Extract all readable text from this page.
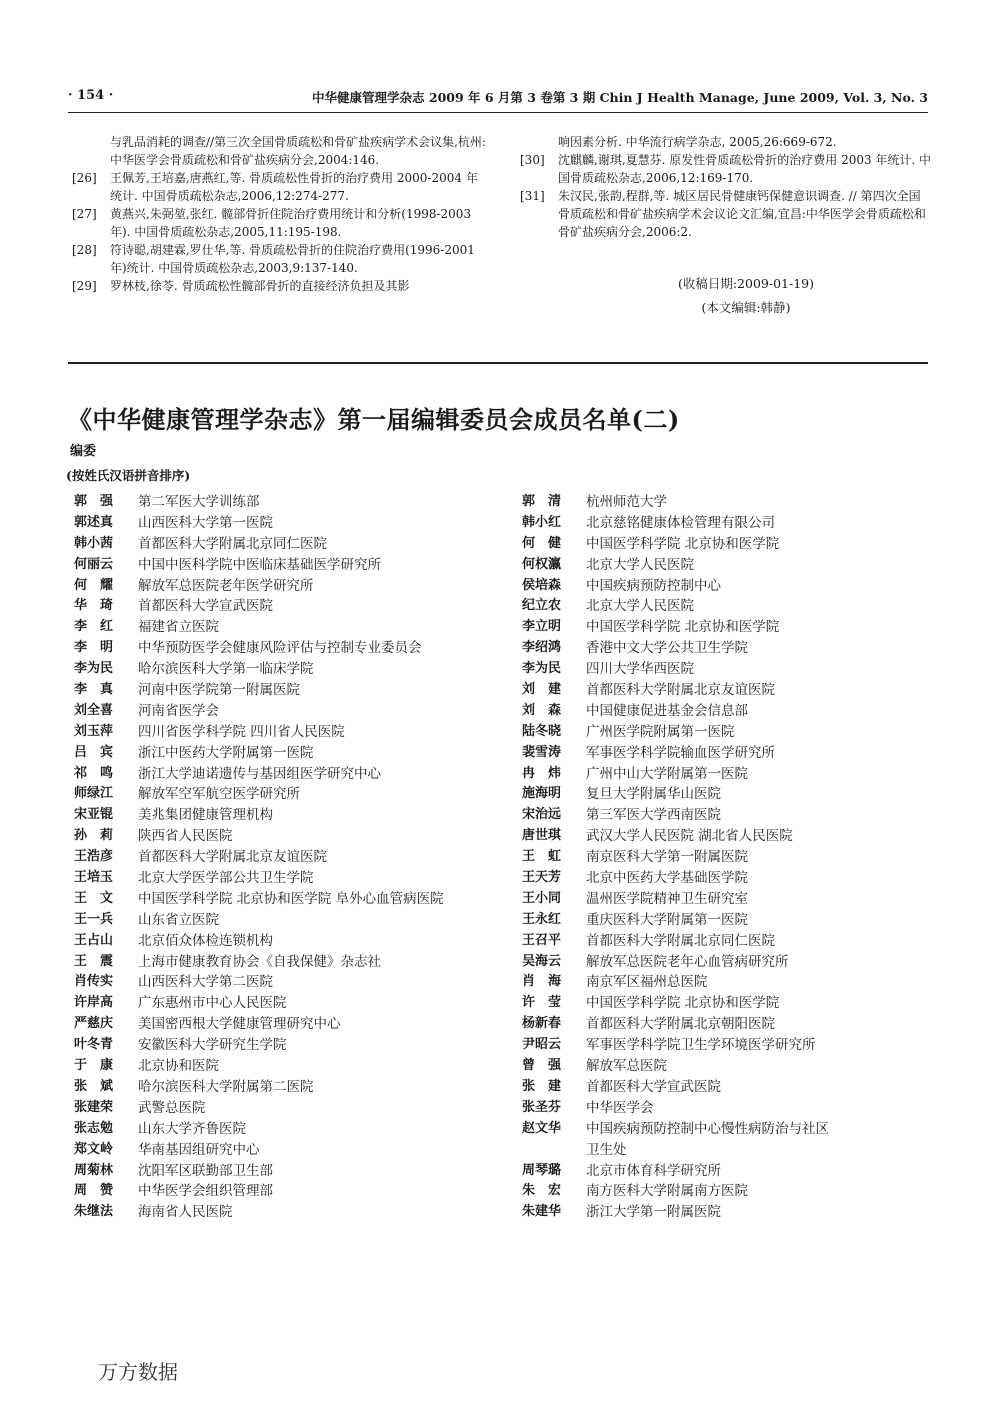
· 154 ·	中华健康管理学杂志 2009 年 6 月第 3 卷第 3 期 Chin J Health Manage, June 2009, Vol. 3, No. 3
与乳品消耗的调查//第三次全国骨质疏松和骨矿盐疾病学术会议集,杭州:中华医学会骨质疏松和骨矿盐疾病分会,2004:146.
[26]	王佩芳,王培嘉,唐燕红,等. 骨质疏松性骨折的治疗费用 2000-2004 年统计. 中国骨质疏松杂志,2006,12:274-277.
[27]	黄燕兴,朱弼堃,张红. 髋部骨折住院治疗费用统计和分析(1998-2003 年). 中国骨质疏松杂志,2005,11:195-198.
[28]	符诗聪,胡建霖,罗仕华,等. 骨质疏松骨折的住院治疗费用(1996-2001 年)统计. 中国骨质疏松杂志,2003,9:137-140.
[29]	罗林枝,徐苓. 骨质疏松性髋部骨折的直接经济负担及其影
响因素分析. 中华流行病学杂志, 2005,26:669-672.
[30]	沈麒麟,谢琪,夏慧芬. 原发性骨质疏松骨折的治疗费用 2003 年统计. 中国骨质疏松杂志,2006,12:169-170.
[31]	朱汉民,张韵,程群,等. 城区居民骨健康钙保健意识调查. // 第四次全国骨质疏松和骨矿盐疾病学术会议论文汇编,宜昌:中华医学会骨质疏松和骨矿盐疾病分会,2006:2.
(收稿日期:2009-01-19)
(本文编辑:韩静)
《中华健康管理学杂志》第一届编辑委员会成员名单(二)
编委
(按姓氏汉语拼音排序)
郭　强	第二军医大学训练部
郭述真	山西医科大学第一医院
韩小茜	首都医科大学附属北京同仁医院
何丽云	中国中医科学院中医临床基础医学研究所
何　耀	解放军总医院老年医学研究所
华　琦	首都医科大学宣武医院
李　红	福建省立医院
李　明	中华预防医学会健康风险评估与控制专业委员会
李为民	哈尔滨医科大学第一临床学院
李　真	河南中医学院第一附属医院
刘全喜	河南省医学会
刘玉萍	四川省医学科学院 四川省人民医院
吕　宾	浙江中医药大学附属第一医院
祁　鸣	浙江大学迪诺遗传与基因组医学研究中心
师绿江	解放军空军航空医学研究所
宋亚锟	美兆集团健康管理机构
孙　莉	陕西省人民医院
王浩彦	首都医科大学附属北京友谊医院
王培玉	北京大学医学部公共卫生学院
王　文	中国医学科学院 北京协和医学院 阜外心血管病医院
王一兵	山东省立医院
王占山	北京佰众体检连锁机构
王　震	上海市健康教育协会《自我保健》杂志社
肖传实	山西医科大学第二医院
许岸高	广东惠州市中心人民医院
严慈庆	美国密西根大学健康管理研究中心
叶冬青	安徽医科大学研究生学院
于　康	北京协和医院
张　斌	哈尔滨医科大学附属第二医院
张建荣	武警总医院
张志勉	山东大学齐鲁医院
郑文岭	华南基因组研究中心
周菊林	沈阳军区联勤部卫生部
周　赞	中华医学会组织管理部
朱继法	海南省人民医院
郭　清	杭州师范大学
韩小红	北京慈铭健康体检管理有限公司
何　健	中国医学科学院 北京协和医学院
何权瀛	北京大学人民医院
侯培森	中国疾病预防控制中心
纪立农	北京大学人民医院
李立明	中国医学科学院 北京协和医学院
李绍鸿	香港中文大学公共卫生学院
李为民	四川大学华西医院
刘　建	首都医科大学附属北京友谊医院
刘　森	中国健康促进基金会信息部
陆冬晓	广州医学院附属第一医院
裴雪涛	军事医学科学院输血医学研究所
冉　炜	广州中山大学附属第一医院
施海明	复旦大学附属华山医院
宋治远	第三军医大学西南医院
唐世琪	武汉大学人民医院 湖北省人民医院
王　虹	南京医科大学第一附属医院
王天芳	北京中医药大学基础医学院
王小同	温州医学院精神卫生研究室
王永红	重庆医科大学附属第一医院
王召平	首都医科大学附属北京同仁医院
吴海云	解放军总医院老年心血管病研究所
肖　海	南京军区福州总医院
许　莹	中国医学科学院 北京协和医学院
杨新春	首都医科大学附属北京朝阳医院
尹昭云	军事医学科学院卫生学环境医学研究所
曾　强	解放军总医院
张　建	首都医科大学宣武医院
张圣芬	中华医学会
赵文华	中国疾病预防控制中心慢性病防治与社区
卫生处
周琴璐	北京市体育科学研究所
朱　宏	南方医科大学附属南方医院
朱建华	浙江大学第一附属医院
万方数据
